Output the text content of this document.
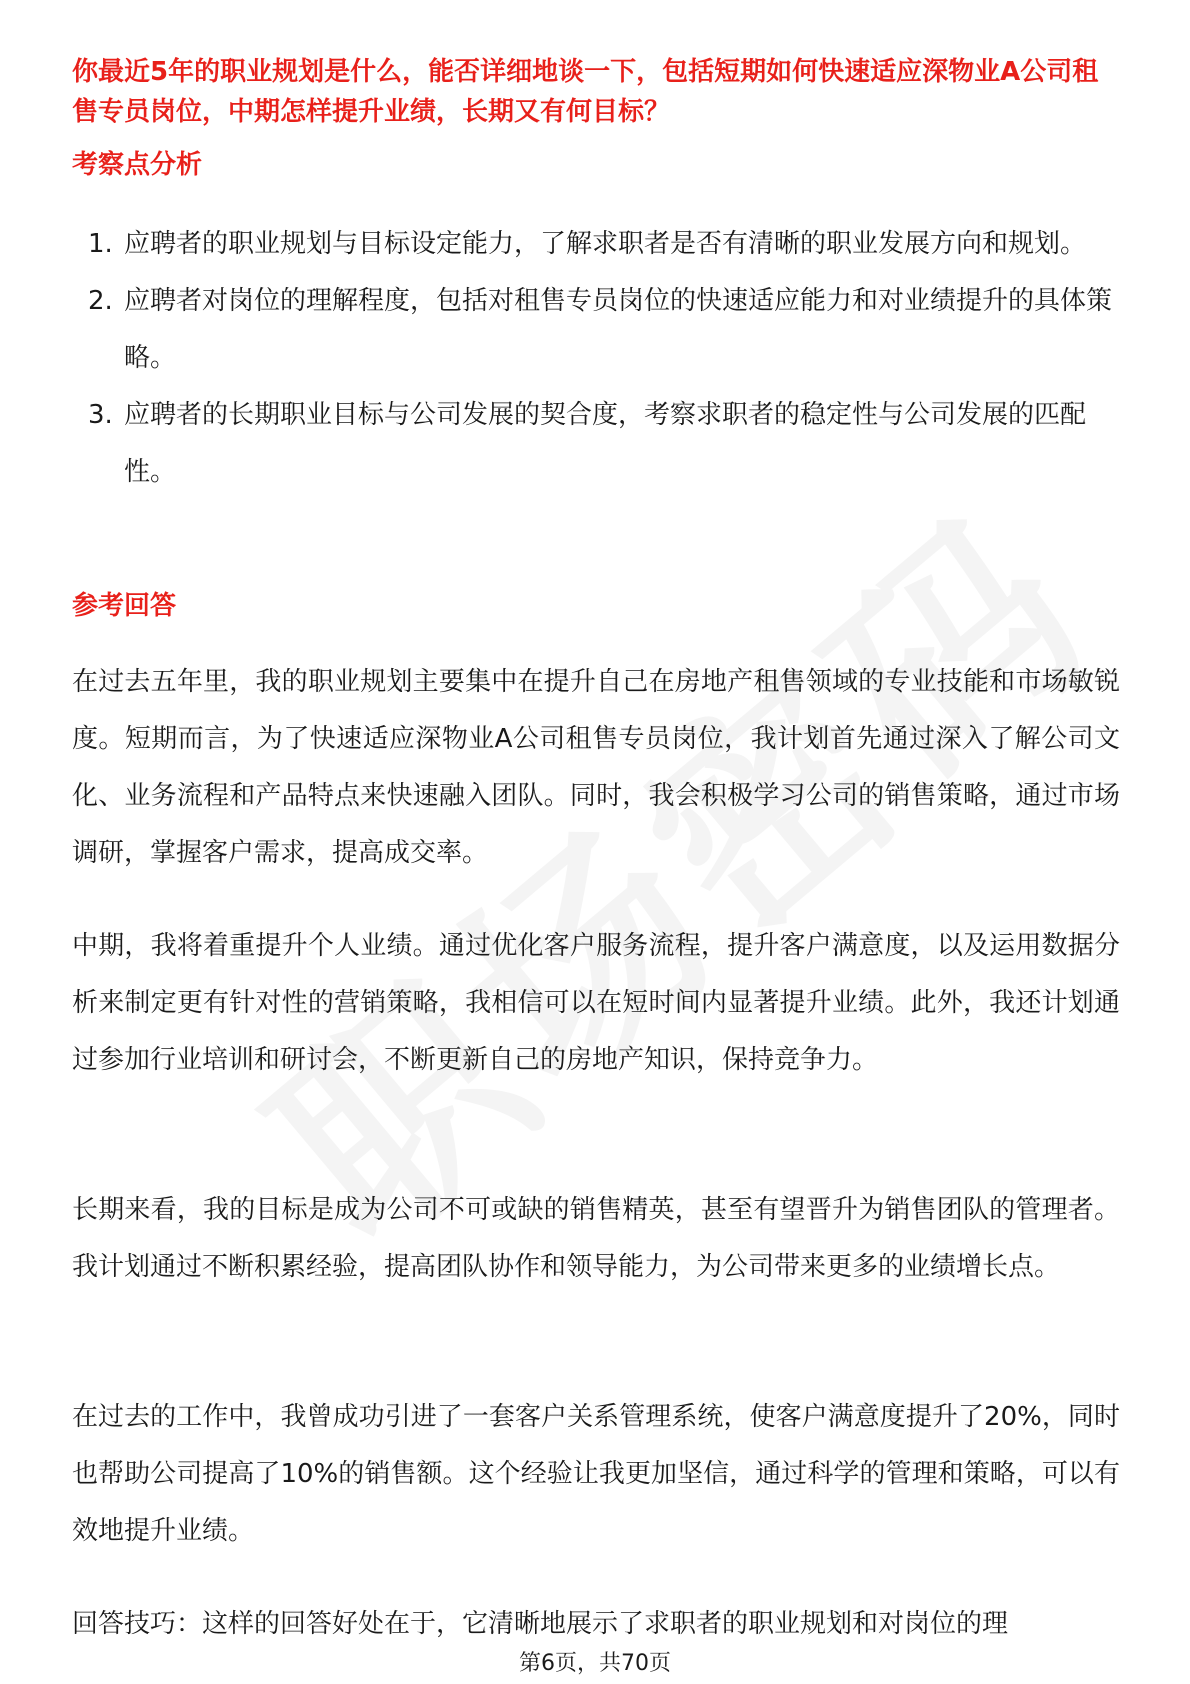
你最近5年的职业规划是什么，能否详细地谈一下，包括短期如何快速适应深物业A公司租售专员岗位，中期怎样提升业绩，长期又有何目标？

考察点分析
1. 应聘者的职业规划与目标设定能力，了解求职者是否有清晰的职业发展方向和规划。
2. 应聘者对岗位的理解程度，包括对租售专员岗位的快速适应能力和对业绩提升的具体策略。
3. 应聘者的长期职业目标与公司发展的契合度，考察求职者的稳定性与公司发展的匹配性。
参考回答

在过去五年里，我的职业规划主要集中在提升自己在房地产租售领域的专业技能和市场敏锐度。短期而言，为了快速适应深物业A公司租售专员岗位，我计划首先通过深入了解公司文化、业务流程和产品特点来快速融入团队。同时，我会积极学习公司的销售策略，通过市场调研，掌握客户需求，提高成交率。

中期，我将着重提升个人业绩。通过优化客户服务流程，提升客户满意度，以及运用数据分析来制定更有针对性的营销策略，我相信可以在短时间内显著提升业绩。此外，我还计划通过参加行业培训和研讨会，不断更新自己的房地产知识，保持竞争力。

长期来看，我的目标是成为公司不可或缺的销售精英，甚至有望晋升为销售团队的管理者。我计划通过不断积累经验，提高团队协作和领导能力，为公司带来更多的业绩增长点。

在过去的工作中，我曾成功引进了一套客户关系管理系统，使客户满意度提升了20%，同时也帮助公司提高了10%的销售额。这个经验让我更加坚信，通过科学的管理和策略，可以有效地提升业绩。

回答技巧：这样的回答好处在于，它清晰地展示了求职者的职业规划和对岗位的理

第6页，共70页
